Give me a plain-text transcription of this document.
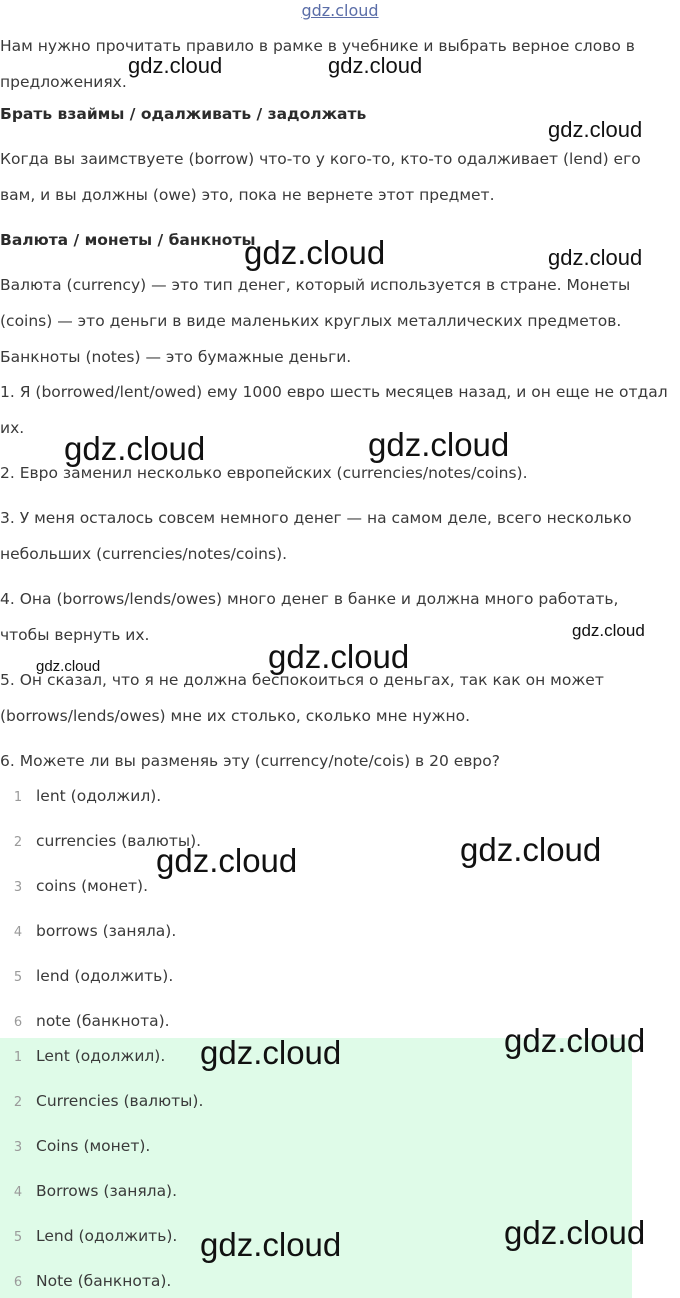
gdz.cloud

Нам нужно прочитать правило в рамке в учебнике и выбрать верное слово в предложениях.

Брать взаймы / одалживать / задолжать

Когда вы заимствуете (borrow) что-то у кого-то, кто-то одалживает (lend) его вам, и вы должны (owe) это, пока не вернете этот предмет.

Валюта / монеты / банкноты

Валюта (currency) — это тип денег, который используется в стране. Монеты (coins) — это деньги в виде маленьких круглых металлических предметов. Банкноты (notes) — это бумажные деньги.

1. Я (borrowed/lent/owed) ему 1000 евро шесть месяцев назад, и он еще не отдал их.

2. Евро заменил несколько европейских (currencies/notes/coins).

3. У меня осталось совсем немного денег — на самом деле, всего несколько небольших (currencies/notes/coins).

4. Она (borrows/lends/owes) много денег в банке и должна много работать, чтобы вернуть их.

5. Он сказал, что я не должна беспокоиться о деньгах, так как он может (borrows/lends/owes) мне их столько, сколько мне нужно.

6. Можете ли вы разменяь эту (currency/note/cois) в 20 евро?

1 lent (одолжил).
2 currencies (валюты).
3 coins (монет).
4 borrows (заняла).
5 lend (одолжить).
6 note (банкнота).
1 Lent (одолжил).
2 Currencies (валюты).
3 Coins (монет).
4 Borrows (заняла).
5 Lend (одолжить).
6 Note (банкнота).
gdz.cloud	gdz.cloud
gdz.cloud
gdz.cloud	gdz.cloud
gdz.cloud	gdz.cloud
gdz.cloud
gdz.cloud	gdz.cloud
gdz.cloud
gdz.cloud
gdz.cloud	gdz.cloud
gdz.cloud
gdz.cloud
